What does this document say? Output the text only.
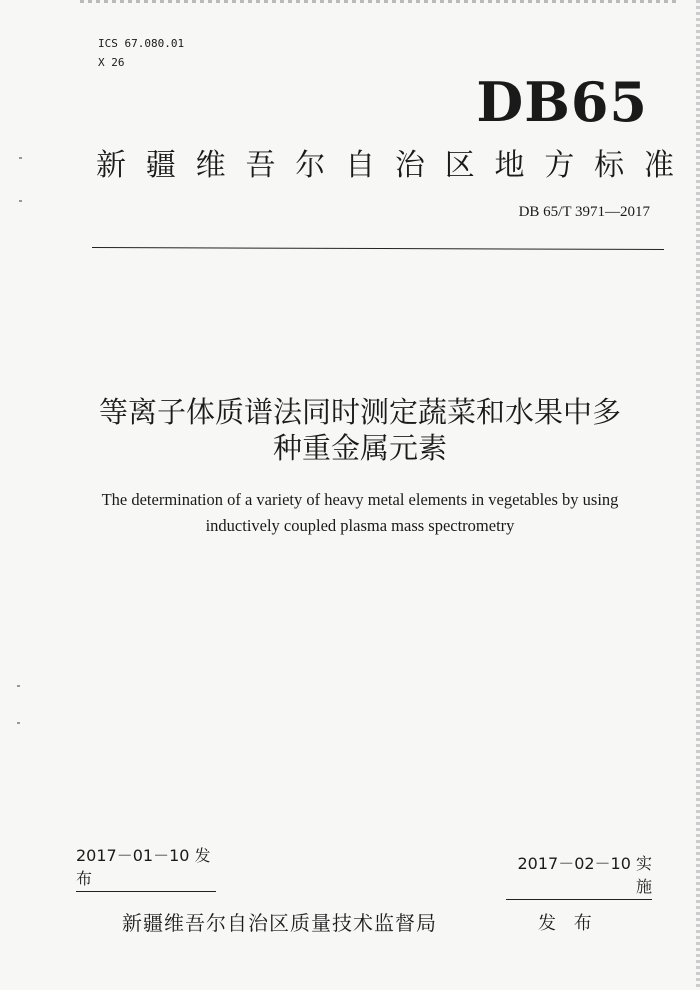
ICS 67.080.01
X 26
DB65
新 疆 维 吾 尔 自 治 区 地 方 标 准
DB 65/T 3971—2017
等离子体质谱法同时测定蔬菜和水果中多
种重金属元素
The determination of a variety of heavy metal elements in vegetables by using
inductively coupled plasma mass spectrometry
2017－01－10 发布
2017－02－10 实施
新疆维吾尔自治区质量技术监督局	发 布
